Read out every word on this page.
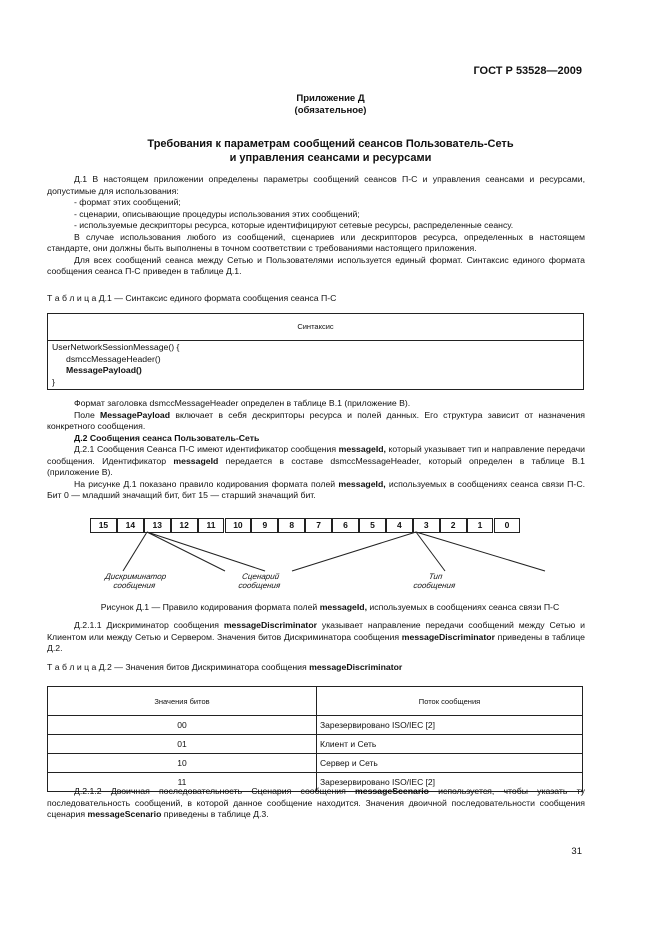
ГОСТ Р 53528—2009
Приложение Д
(обязательное)
Требования к параметрам сообщений сеансов Пользователь-Сеть
и управления сеансами и ресурсами

Д.1 В настоящем приложении определены параметры сообщений сеансов П-С и управления сеансами и ресурсами, допустимые для использования:

- формат этих сообщений;

- сценарии, описывающие процедуры использования этих сообщений;

- используемые дескрипторы ресурса, которые идентифицируют сетевые ресурсы, распределенные сеансу.

В случае использования любого из сообщений, сценариев или дескрипторов ресурса, определенных в настоящем стандарте, они должны быть выполнены в точном соответствии с требованиями настоящего приложения.

Для всех сообщений сеанса между Сетью и Пользователями используется единый формат. Синтаксис единого формата сообщения сеанса П-С приведен в таблице Д.1.

Т а б л и ц а Д.1 — Синтаксис единого формата сообщения сеанса П-С
Синтаксис
UserNetworkSessionMessage() {
dsmccMessageHeader()
MessagePayload()
}

Формат заголовка dsmccMessageHeader определен в таблице В.1 (приложение В).

Поле MessagePayload включает в себя дескрипторы ресурса и полей данных. Его структура зависит от назначения конкретного сообщения.

Д.2 Сообщения сеанса Пользователь-Сеть

Д.2.1 Сообщения Сеанса П-С имеют идентификатор сообщения messageId, который указывает тип и направление передачи сообщения. Идентификатор messageId передается в составе dsmccMessageHeader, который определен в таблице В.1 (приложение В).

На рисунке Д.1 показано правило кодирования формата полей messageId, используемых в сообщениях сеанса связи П-С. Бит 0 — младший значащий бит, бит 15 — старший значащий бит.

15	14	13	12	11	10	9	8	7	6	5	4	3	2	1	0
Дискриминатор
сообщения
Сценарий
сообщения
Тип
сообщения
Рисунок Д.1 — Правило кодирования формата полей messageId, используемых в сообщениях сеанса связи П-С

Д.2.1.1 Дискриминатор сообщения messageDiscriminator указывает направление передачи сообщений между Сетью и Клиентом или между Сетью и Сервером. Значения битов Дискриминатора сообщения messageDiscriminator приведены в таблице Д.2.

Т а б л и ц а Д.2 — Значения битов Дискриминатора сообщения messageDiscriminator
Значения битов	Поток сообщения
00	Зарезервировано ISO/IEC [2]
01	Клиент и Сеть
10	Сервер и Сеть
11	Зарезервировано ISO/IEC [2]

Д.2.1.2 Двоичная последовательность Сценария сообщения messageScenario используется, чтобы указать ту последовательность сообщений, в которой данное сообщение находится. Значения двоичной последовательности сообщения сценария messageScenario приведены в таблице Д.3.

31
